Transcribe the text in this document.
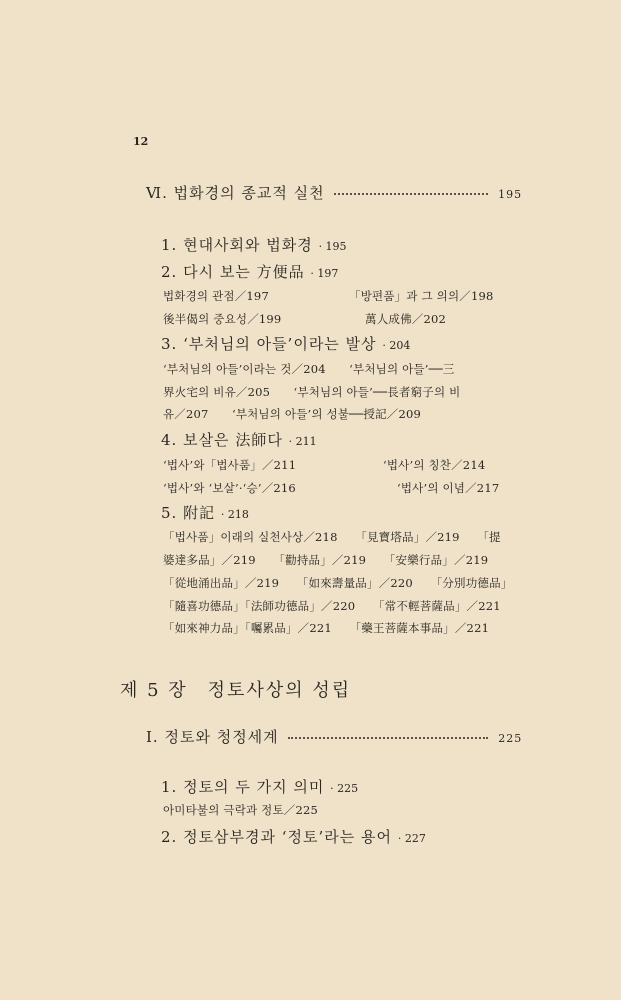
12
Ⅵ. 법화경의 종교적 실천	195
1. 현대사회와 법화경 · 195
2. 다시 보는 方便品 · 197
법화경의 관점／197	「방편품」과 그 의의／198
後半偈의 중요성／199	萬人成佛／202
3. ‘부처님의 아들’이라는 발상 · 204
‘부처님의 아들’이라는 것／204　　‘부처님의 아들’──三
界火宅의 비유／205　　‘부처님의 아들’──長者窮子의 비
유／207　　‘부처님의 아들’의 성불──授記／209
4. 보살은 法師다 · 211
‘법사’와「법사품」／211	‘법사’의 칭찬／214
‘법사’와 ‘보살’·‘승’／216	‘법사’의 이념／217
5. 附記 · 218
「법사품」이래의 실천사상／218　　「見寶塔品」／219　　「提
婆達多品」／219　　「勸持品」／219　　「安樂行品」／219
「從地涌出品」／219　　「如來壽量品」／220　　「分別功德品」
「隨喜功德品」「法師功德品」／220　　「常不輕菩薩品」／221
「如來神力品」「囑累品」／221　　「藥王菩薩本事品」／221
제 5 장　정토사상의 성립
Ⅰ. 정토와 청정세계	225
1. 정토의 두 가지 의미 · 225
아미타불의 극락과 정토／225
2. 정토삼부경과 ‘정토’라는 용어 · 227
